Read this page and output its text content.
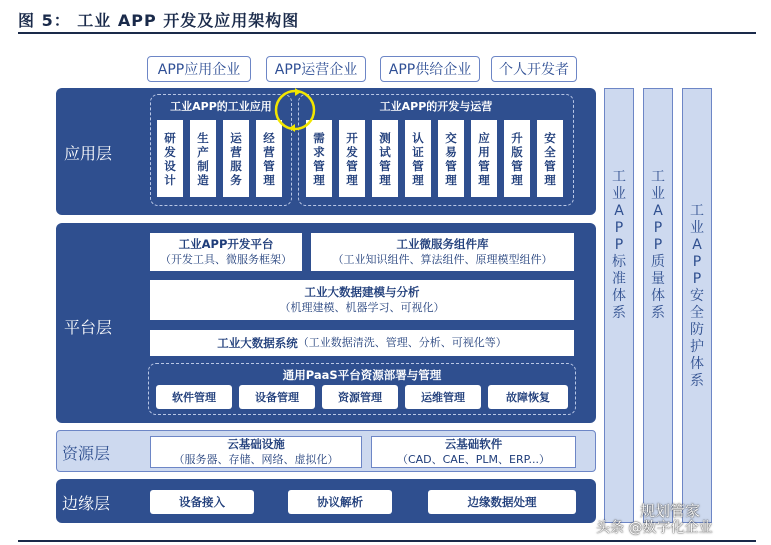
图 5： 工业 APP 开发及应用架构图
APP应用企业	APP运营企业	APP供给企业	个人开发者
应用层
工业APP的工业应用
研
发
设
计
生
产
制
造
运
营
服
务
经
营
管
理
工业APP的开发与运营
需
求
管
理
开
发
管
理
测
试
管
理
认
证
管
理
交
易
管
理
应
用
管
理
升
版
管
理
安
全
管
理
平台层
工业APP开发平台
（开发工具、微服务框架）
工业微服务组件库
（工业知识组件、算法组件、原理模型组件）
工业大数据建模与分析
（机理建模、机器学习、可视化）
工业大数据系统 （工业数据清洗、管理、分析、可视化等）
通用PaaS平台资源部署与管理
软件管理	设备管理	资源管理	运维管理	故障恢复
资源层	云基础设施
（服务器、存储、网络、虚拟化）
云基础软件
（CAD、CAE、PLM、ERP...）
边缘层	设备接入	协议解析	边缘数据处理
工
业
A
P
P
标
准
体
系
工
业
A
P
P
质
量
体
系
工
业
A
P
P
安
全
防
护
体
系
规划管家
头条 @数字化企业
